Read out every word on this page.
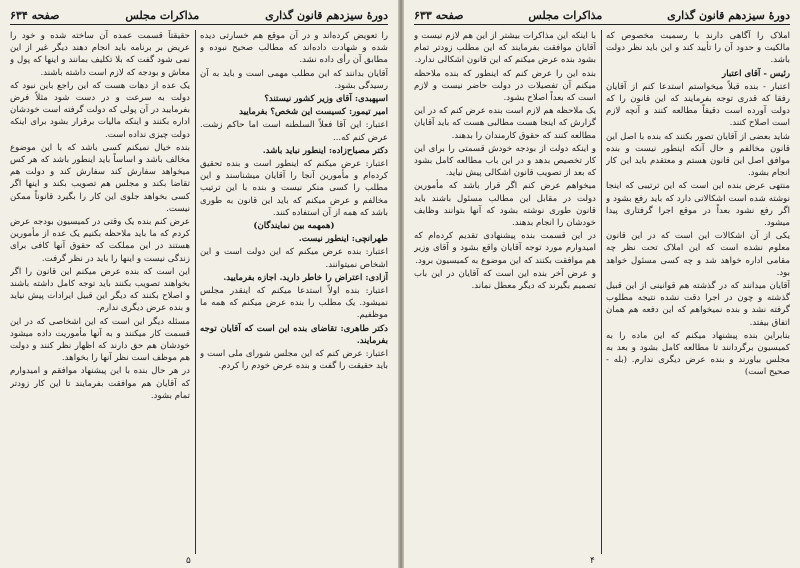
دورهٔ سیزدهم قانون گذاری
مذاکرات مجلس
صفحه ۶۳۴

را تعویض کرده‌اند و در آن موقع هم خسارتی دیده شده و شهادت داده‌اند که مطالب صحیح نبوده و مطابق آن رأی داده نشد.

آقایان بدانند که این مطلب مهمی است و باید به آن رسیدگی بشود.

اسپهبدی: آقای وزیر کشور نیستند؟

امیر تیمور: کسیست این شخص؟ بفرمایید

اعتبار: این آقا فعلاً السلطنه است اما حاکم زشت. عرض کنم که...

دکتر مصباح‌زاده: اینطور نباید باشد.

اعتبار: عرض میکنم که اینطور است و بنده تحقیق کرده‌ام و مأمورین آنجا را آقایان میشناسند و این مطلب را کسی منکر نیست و بنده با این ترتیب مخالفم و عرض میکنم که باید این قانون به طوری باشد که همه از آن استفاده کنند.

(همهمه بین نمایندگان)

طهرانچی: اینطور نیست.

اعتبار: بنده عرض میکنم که این دولت است و این اشخاص نمیتوانند.

آزادی: اعتراض را خاطر دارید. اجازه بفرمایید.

اعتبار: بنده اولاً استدعا میکنم که اینقدر مجلس نمیشود. یک مطلب را بنده عرض میکنم که همه ما موظفیم.

دکتر طاهری: تقاضای بنده این است که آقایان توجه بفرمایند.

اعتبار: عرض کنم که این مجلس شورای ملی است و باید حقیقت را گفت و بنده عرض خودم را کردم.

حقیقتاً قسمت عمده آن ساخته شده و خود را عریض بر برنامه باید انجام دهند دیگر غیر از این نمی شود گفت که بلا تکلیف بمانند و اینها که پول و معاش و بودجه که لازم است داشته باشند.

یک عده از دهات هست که این راجع باین نبود که دولت به سرعت و در دست شود مثلاً فرض بفرمایید در آن پولی که دولت گرفته است خودشان اداره بکنند و اینکه مالیات برقرار بشود برای اینکه دولت چیزی نداده است.

بنده خیال نمیکنم کسی باشد که با این موضوع مخالف باشد و اساساً باید اینطور باشد که هر کس میخواهد سفارش کند سفارش کند و دولت هم تقاضا بکند و مجلس هم تصویب بکند و اینها اگر کسی بخواهد جلوی این کار را بگیرد قانوناً ممکن نیست.

عرض کنم بنده یک وقتی در کمیسیون بودجه عرض کردم که ما باید ملاحظه بکنیم یک عده از مأمورین هستند در این مملکت که حقوق آنها کافی برای زندگی نیست و اینها را باید در نظر گرفت.

این است که بنده عرض میکنم این قانون را اگر بخواهند تصویب بکنند باید توجه کامل داشته باشند و اصلاح بکنند که دیگر این قبیل ایرادات پیش نیاید و بنده عرض دیگری ندارم.

مسئله دیگر این است که این اشخاصی که در این قسمت کار میکنند و به آنها مأموریت داده میشود خودشان هم حق دارند که اظهار نظر کنند و دولت هم موظف است نظر آنها را بخواهد.

در هر حال بنده با این پیشنهاد موافقم و امیدوارم که آقایان هم موافقت بفرمایند تا این کار زودتر تمام بشود.

۵
دورهٔ سیزدهم قانون گذاری
مذاکرات مجلس
صفحه ۶۳۳

املاک را آگاهی دارند با رسمیت مخصوص که مالکیت و حدود آن را تأیید کند و این باید نظر دولت باشد.

رئیس - آقای اعتبار

اعتبار - بنده قبلاً میخواستم استدعا کنم از آقایان رفقا که قدری توجه بفرمایند که این قانون را که دولت آورده است دقیقاً مطالعه کنند و آنچه لازم است اصلاح کنند.

شاید بعضی از آقایان تصور بکنند که بنده با اصل این قانون مخالفم و حال آنکه اینطور نیست و بنده موافق اصل این قانون هستم و معتقدم باید این کار انجام بشود.

منتهی عرض بنده این است که این ترتیبی که اینجا نوشته شده است اشکالاتی دارد که باید رفع بشود و اگر رفع نشود بعداً در موقع اجرا گرفتاری پیدا میشود.

یکی از آن اشکالات این است که در این قانون معلوم نشده است که این املاک تحت نظر چه مقامی اداره خواهد شد و چه کسی مسئول خواهد بود.

آقایان میدانند که در گذشته هم قوانینی از این قبیل گذشته و چون در اجرا دقت نشده نتیجه مطلوب گرفته نشد و بنده نمیخواهم که این دفعه هم همان اتفاق بیفتد.

بنابراین بنده پیشنهاد میکنم که این ماده را به کمیسیون برگردانند تا مطالعه کامل بشود و بعد به مجلس بیاورند و بنده عرض دیگری ندارم. (بله - صحیح است)

با اینکه این مذاکرات بیشتر از این هم لازم نیست و آقایان موافقت بفرمایند که این مطلب زودتر تمام بشود بنده عرض میکنم که این قانون اشکالی ندارد.

بنده این را عرض کنم که اینطور که بنده ملاحظه میکنم آن تفصیلات در دولت حاضر نیست و لازم است که بعداً اصلاح بشود.

یک ملاحظه هم لازم است بنده عرض کنم که در این گزارش که اینجا هست مطالبی هست که باید آقایان مطالعه کنند که حقوق کارمندان را بدهند.

و اینکه دولت از بودجه خودش قسمتی را برای این کار تخصیص بدهد و در این باب مطالعه کامل بشود که بعد از تصویب قانون اشکالی پیش نیاید.

میخواهم عرض کنم اگر قرار باشد که مأمورین دولت در مقابل این مطالب مسئول باشند باید قانون طوری نوشته بشود که آنها بتوانند وظایف خودشان را انجام بدهند.

در این قسمت بنده پیشنهادی تقدیم کرده‌ام که امیدوارم مورد توجه آقایان واقع بشود و آقای وزیر هم موافقت بکنند که این موضوع به کمیسیون برود.

و عرض آخر بنده این است که آقایان در این باب تصمیم بگیرند که دیگر معطل نماند.

۴
